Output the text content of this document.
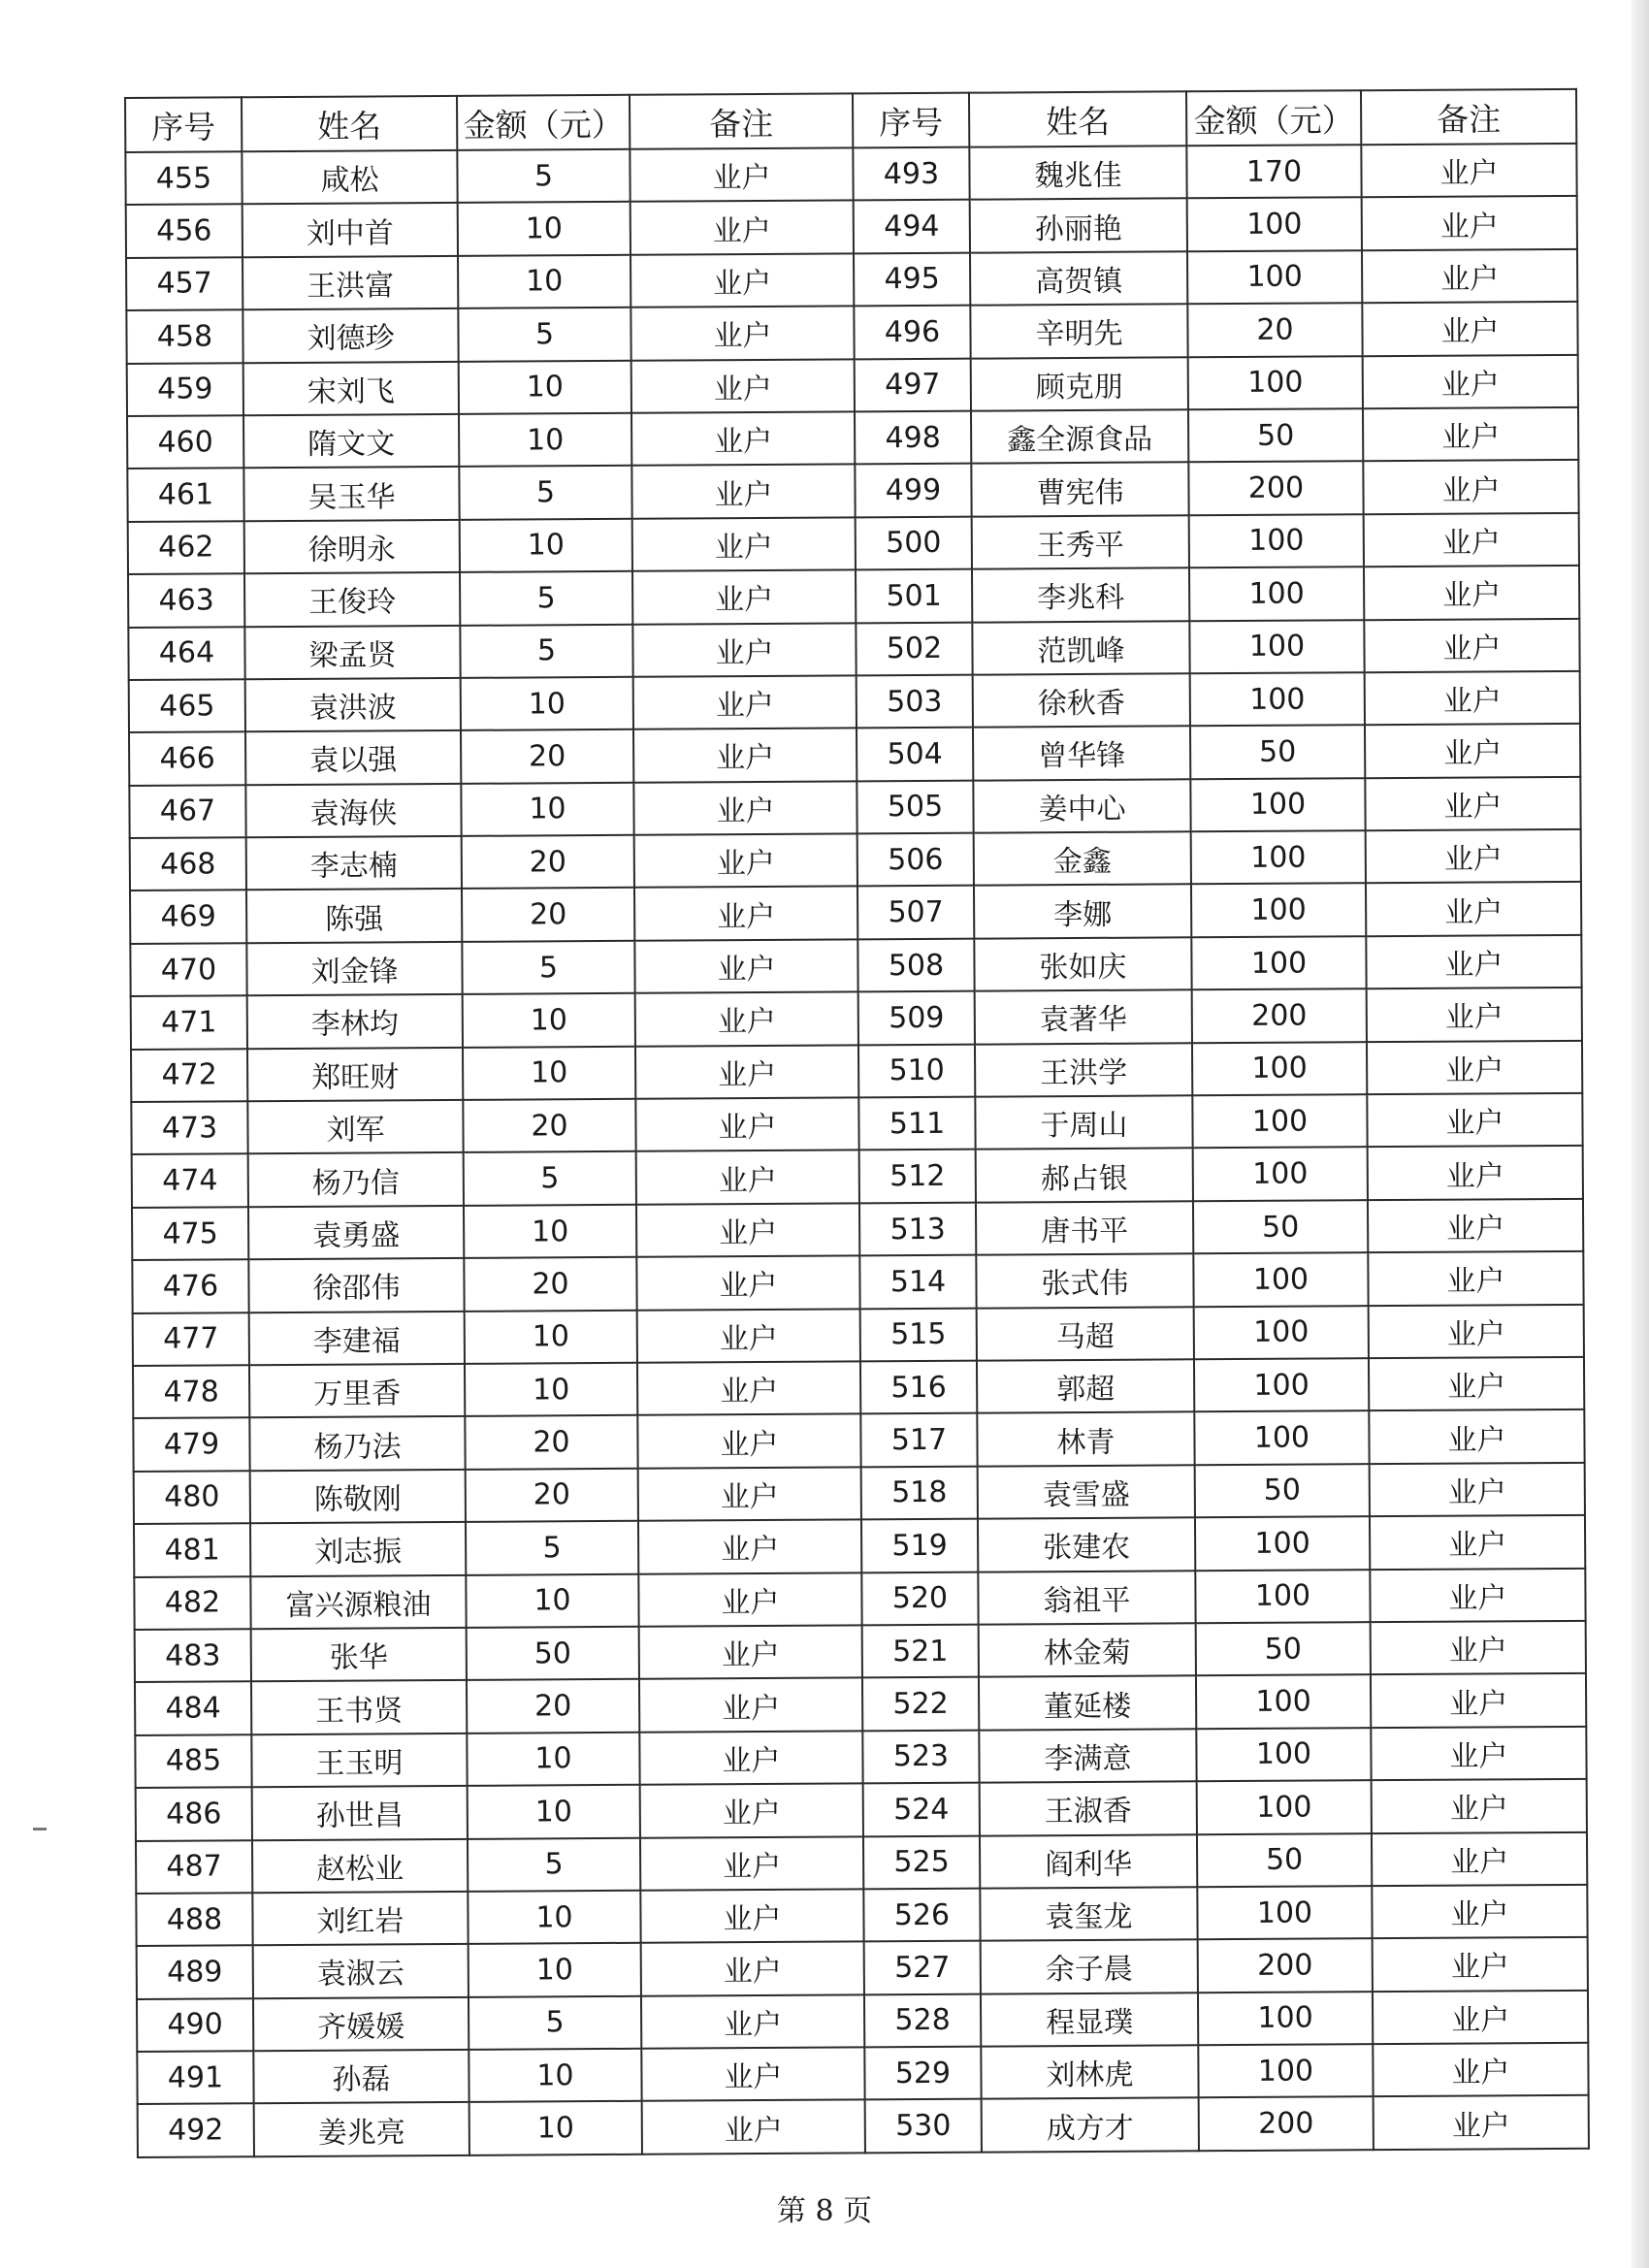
序号	姓名	金额（元）	备注	序号	姓名	金额（元）	备注
455	咸松	5	业户	493	魏兆佳	170	业户
456	刘中首	10	业户	494	孙丽艳	100	业户
457	王洪富	10	业户	495	高贺镇	100	业户
458	刘德珍	5	业户	496	辛明先	20	业户
459	宋刘飞	10	业户	497	顾克朋	100	业户
460	隋文文	10	业户	498	鑫全源食品	50	业户
461	吴玉华	5	业户	499	曹宪伟	200	业户
462	徐明永	10	业户	500	王秀平	100	业户
463	王俊玲	5	业户	501	李兆科	100	业户
464	梁孟贤	5	业户	502	范凯峰	100	业户
465	袁洪波	10	业户	503	徐秋香	100	业户
466	袁以强	20	业户	504	曾华锋	50	业户
467	袁海侠	10	业户	505	姜中心	100	业户
468	李志楠	20	业户	506	金鑫	100	业户
469	陈强	20	业户	507	李娜	100	业户
470	刘金锋	5	业户	508	张如庆	100	业户
471	李林均	10	业户	509	袁著华	200	业户
472	郑旺财	10	业户	510	王洪学	100	业户
473	刘军	20	业户	511	于周山	100	业户
474	杨乃信	5	业户	512	郝占银	100	业户
475	袁勇盛	10	业户	513	唐书平	50	业户
476	徐邵伟	20	业户	514	张式伟	100	业户
477	李建福	10	业户	515	马超	100	业户
478	万里香	10	业户	516	郭超	100	业户
479	杨乃法	20	业户	517	林青	100	业户
480	陈敬刚	20	业户	518	袁雪盛	50	业户
481	刘志振	5	业户	519	张建农	100	业户
482	富兴源粮油	10	业户	520	翁祖平	100	业户
483	张华	50	业户	521	林金菊	50	业户
484	王书贤	20	业户	522	董延楼	100	业户
485	王玉明	10	业户	523	李满意	100	业户
486	孙世昌	10	业户	524	王淑香	100	业户
487	赵松业	5	业户	525	阎利华	50	业户
488	刘红岩	10	业户	526	袁玺龙	100	业户
489	袁淑云	10	业户	527	余子晨	200	业户
490	齐媛媛	5	业户	528	程显璞	100	业户
491	孙磊	10	业户	529	刘林虎	100	业户
492	姜兆亮	10	业户	530	成方才	200	业户
第 8 页
